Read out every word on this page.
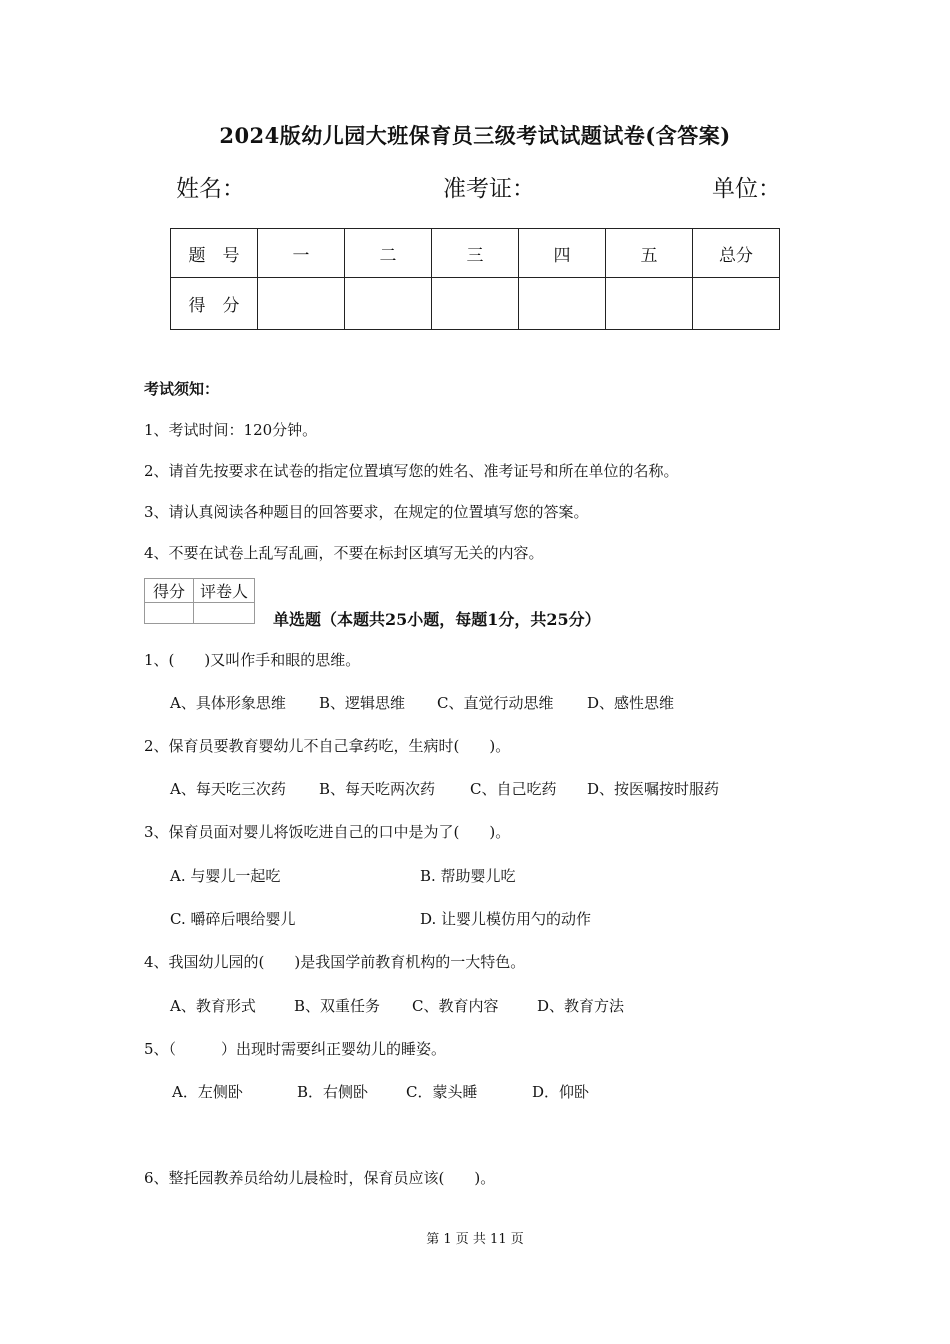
2024版幼儿园大班保育员三级考试试题试卷(含答案)
姓名：	准考证：	单位：
题　号	一	二	三	四	五	总分
得　分						
考试须知：
1、考试时间：120分钟。
2、请首先按要求在试卷的指定位置填写您的姓名、准考证号和所在单位的名称。
3、请认真阅读各种题目的回答要求，在规定的位置填写您的答案。
4、不要在试卷上乱写乱画，不要在标封区填写无关的内容。
得分	评卷人

单选题（本题共25小题，每题1分，共25分）
1、(　　)又叫作手和眼的思维。
A、具体形象思维 B、逻辑思维 C、直觉行动思维 D、感性思维
2、保育员要教育婴幼儿不自己拿药吃，生病时(　　)。
A、每天吃三次药 B、每天吃两次药 C、自己吃药 D、按医嘱按时服药
3、保育员面对婴儿将饭吃进自己的口中是为了(　　)。
A. 与婴儿一起吃	B. 帮助婴儿吃
C. 嚼碎后喂给婴儿	D. 让婴儿模仿用勺的动作
4、我国幼儿园的(　　)是我国学前教育机构的一大特色。
A、教育形式	B、双重任务 C、教育内容	D、教育方法
5、（　　　）出现时需要纠正婴幼儿的睡姿。
A．左侧卧	B．右侧卧	C．蒙头睡	D．仰卧
6、整托园教养员给幼儿晨检时，保育员应该(　　)。
第 1 页 共 11 页
